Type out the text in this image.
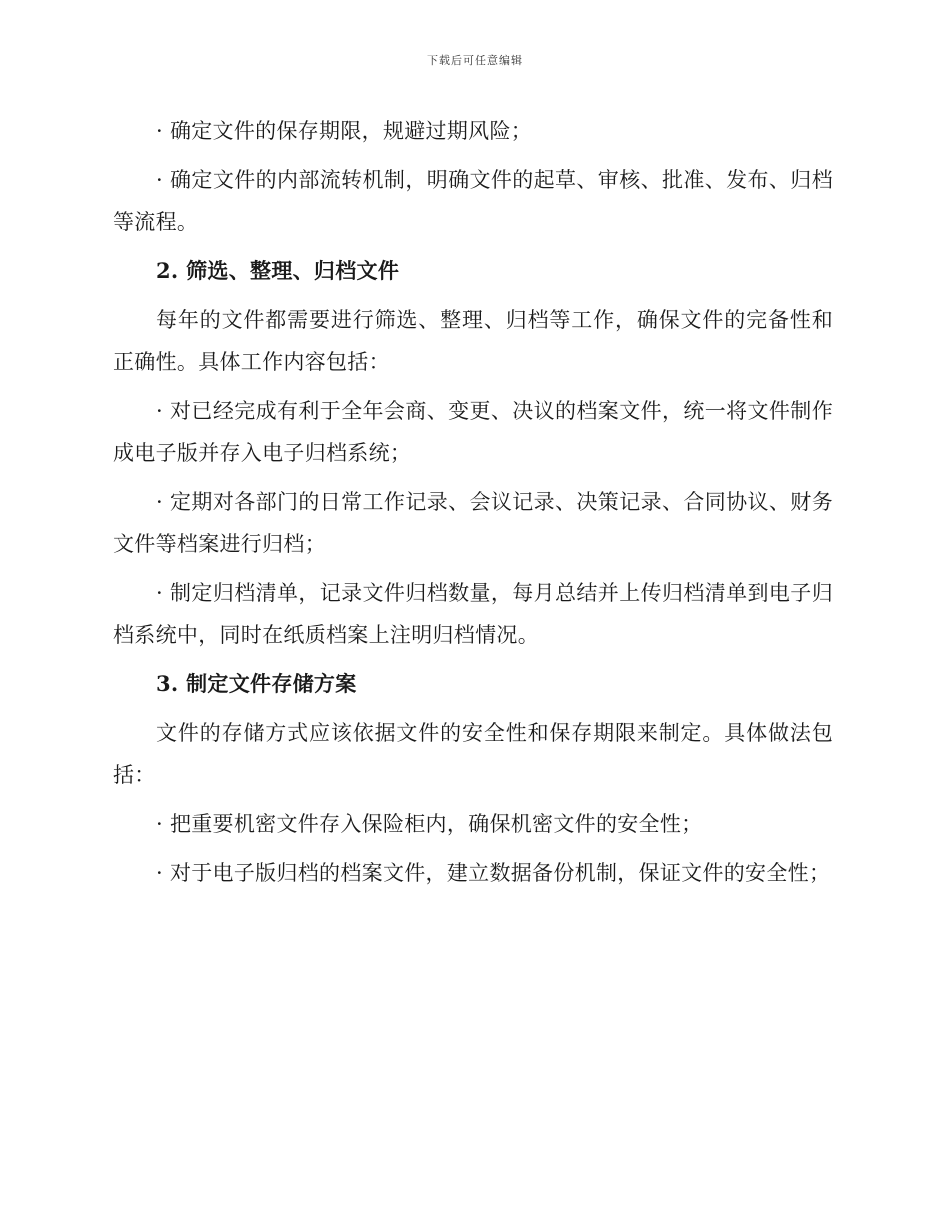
下载后可任意编辑

· 确定文件的保存期限，规避过期风险；

· 确定文件的内部流转机制，明确文件的起草、审核、批准、发布、归档等流程。

2. 筛选、整理、归档文件

每年的文件都需要进行筛选、整理、归档等工作，确保文件的完备性和正确性。具体工作内容包括：

· 对已经完成有利于全年会商、变更、决议的档案文件，统一将文件制作成电子版并存入电子归档系统；

· 定期对各部门的日常工作记录、会议记录、决策记录、合同协议、财务文件等档案进行归档；

· 制定归档清单，记录文件归档数量，每月总结并上传归档清单到电子归档系统中，同时在纸质档案上注明归档情况。

3. 制定文件存储方案

文件的存储方式应该依据文件的安全性和保存期限来制定。具体做法包括：

· 把重要机密文件存入保险柜内，确保机密文件的安全性；

· 对于电子版归档的档案文件，建立数据备份机制，保证文件的安全性；
